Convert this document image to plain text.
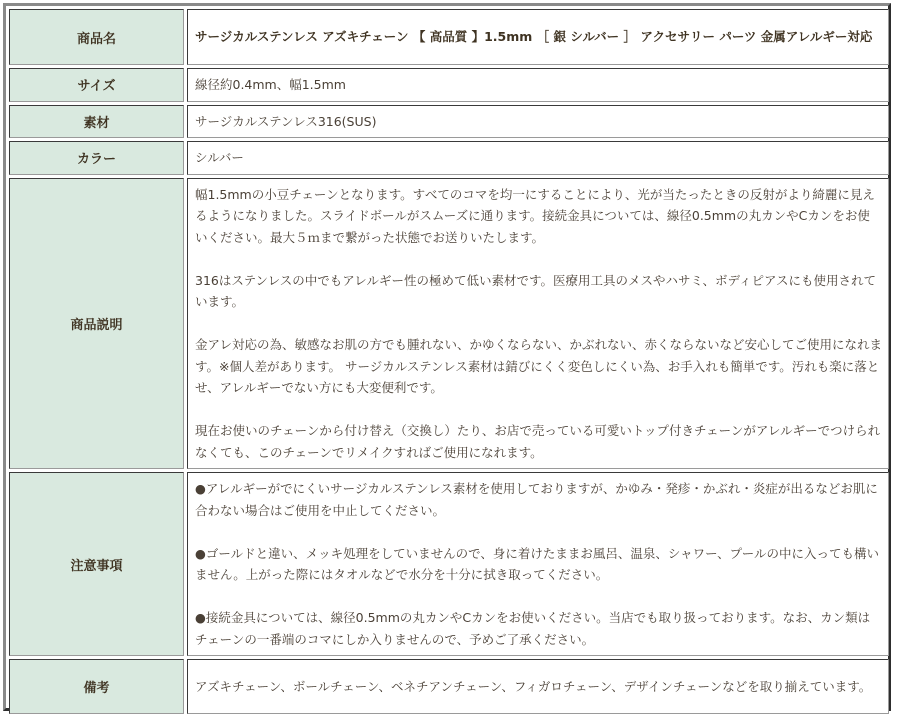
商品名		サージカルステンレス アズキチェーン 【 高品質 】1.5mm ［ 銀 シルバー ］ アクセサリー パーツ 金属アレルギー対応
サイズ		線径約0.4mm、幅1.5mm
素材		サージカルステンレス316(SUS)
カラー		シルバー
商品説明		幅1.5mmの小豆チェーンとなります。すべてのコマを均一にすることにより、光が当たったときの反射がより綺麗に見えるようになりました。スライドボールがスムーズに通ります。接続金具については、線径0.5mmの丸カンやCカンをお使いください。最大５ｍまで繋がった状態でお送りいたします。
316はステンレスの中でもアレルギー性の極めて低い素材です。医療用工具のメスやハサミ、ボディピアスにも使用されています。
金アレ対応の為、敏感なお肌の方でも腫れない、かゆくならない、かぶれない、赤くならないなど安心してご使用になれます。※個人差があります。 サージカルステンレス素材は錆びにくく変色しにくい為、お手入れも簡単です。汚れも楽に落とせ、アレルギーでない方にも大変便利です。
現在お使いのチェーンから付け替え（交換し）たり、お店で売っている可愛いトップ付きチェーンがアレルギーでつけられなくても、このチェーンでリメイクすればご使用になれます。

注意事項		●アレルギーがでにくいサージカルステンレス素材を使用しておりますが、かゆみ・発疹・かぶれ・炎症が出るなどお肌に合わない場合はご使用を中止してください。
●ゴールドと違い、メッキ処理をしていませんので、身に着けたままお風呂、温泉、シャワー、プールの中に入っても構いません。上がった際にはタオルなどで水分を十分に拭き取ってください。
●接続金具については、線径0.5mmの丸カンやCカンをお使いください。当店でも取り扱っております。なお、カン類はチェーンの一番端のコマにしか入りませんので、予めご了承ください。

備考		アズキチェーン、ボールチェーン、ベネチアンチェーン、フィガロチェーン、デザインチェーンなどを取り揃えています。
